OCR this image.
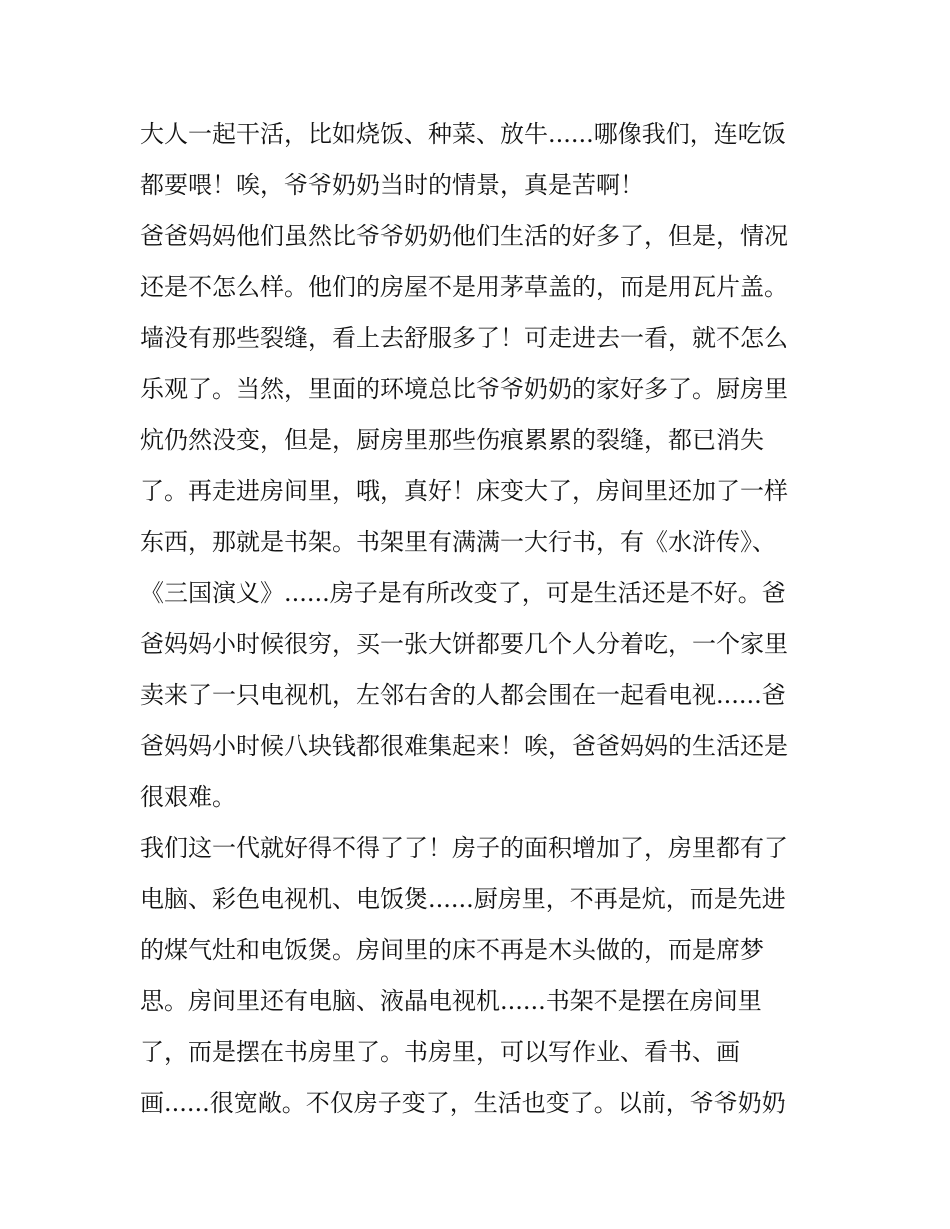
大人一起干活，比如烧饭、种菜、放牛......哪像我们，连吃饭
都要喂！唉，爷爷奶奶当时的情景，真是苦啊！
爸爸妈妈他们虽然比爷爷奶奶他们生活的好多了，但是，情况
还是不怎么样。他们的房屋不是用茅草盖的，而是用瓦片盖。
墙没有那些裂缝，看上去舒服多了！可走进去一看，就不怎么
乐观了。当然，里面的环境总比爷爷奶奶的家好多了。厨房里
炕仍然没变，但是，厨房里那些伤痕累累的裂缝，都已消失
了。再走进房间里，哦，真好！床变大了，房间里还加了一样
东西，那就是书架。书架里有满满一大行书，有《水浒传》、
《三国演义》......房子是有所改变了，可是生活还是不好。爸
爸妈妈小时候很穷，买一张大饼都要几个人分着吃，一个家里
卖来了一只电视机，左邻右舍的人都会围在一起看电视......爸
爸妈妈小时候八块钱都很难集起来！唉，爸爸妈妈的生活还是
很艰难。
我们这一代就好得不得了了！房子的面积增加了，房里都有了
电脑、彩色电视机、电饭煲......厨房里，不再是炕，而是先进
的煤气灶和电饭煲。房间里的床不再是木头做的，而是席梦
思。房间里还有电脑、液晶电视机......书架不是摆在房间里
了，而是摆在书房里了。书房里，可以写作业、看书、画
画......很宽敞。不仅房子变了，生活也变了。以前，爷爷奶奶
